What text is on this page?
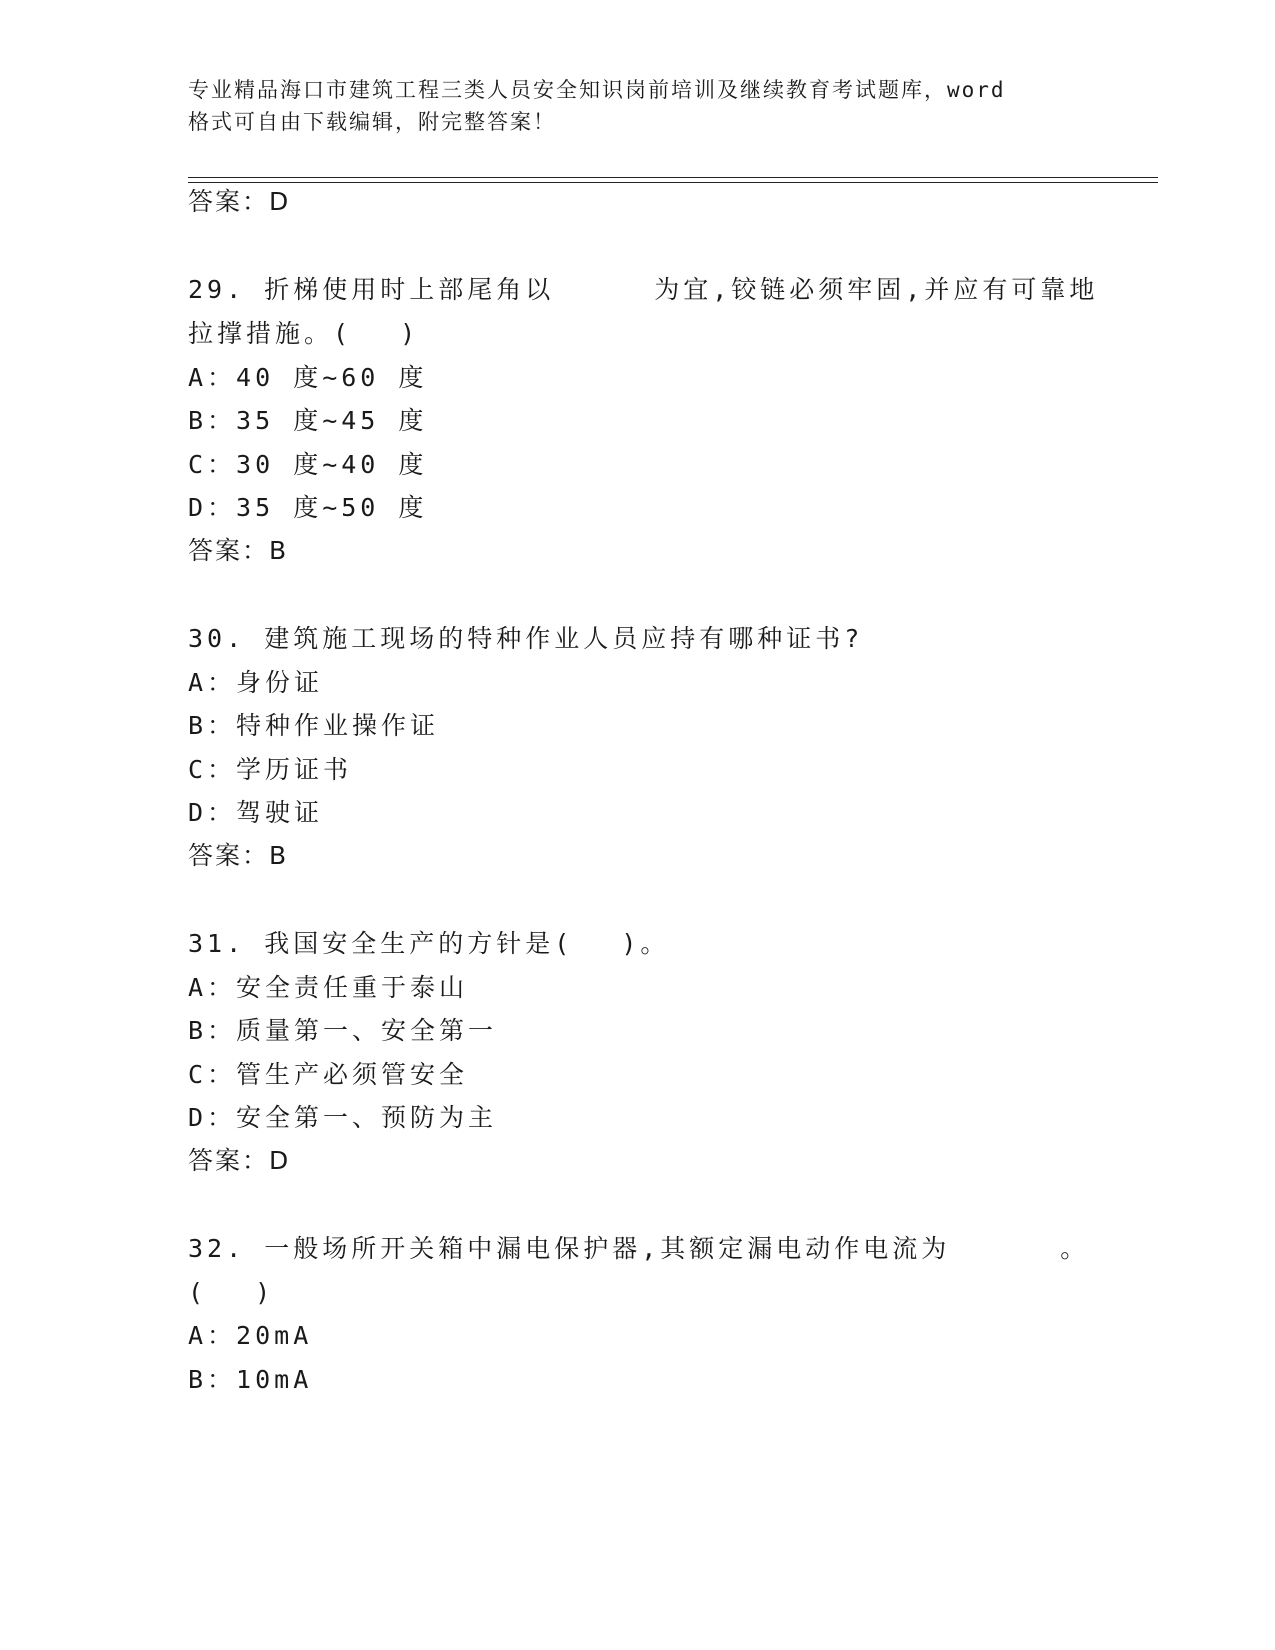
专业精品海口市建筑工程三类人员安全知识岗前培训及继续教育考试题库，word
格式可自由下载编辑，附完整答案！
答案：D
29. 折梯使用时上部尾角以	为宜,铰链必须牢固,并应有可靠地
拉撑措施。(　 )
A：40 度~60 度
B：35 度~45 度
C：30 度~40 度
D：35 度~50 度
答案：B
30. 建筑施工现场的特种作业人员应持有哪种证书?
A：身份证
B：特种作业操作证
C：学历证书
D：驾驶证
答案：B
31. 我国安全生产的方针是(　 )。
A：安全责任重于泰山
B：质量第一、安全第一
C：管生产必须管安全
D：安全第一、预防为主
答案：D
32. 一般场所开关箱中漏电保护器,其额定漏电动作电流为	。
(　 )
A：20mA
B：10mA
